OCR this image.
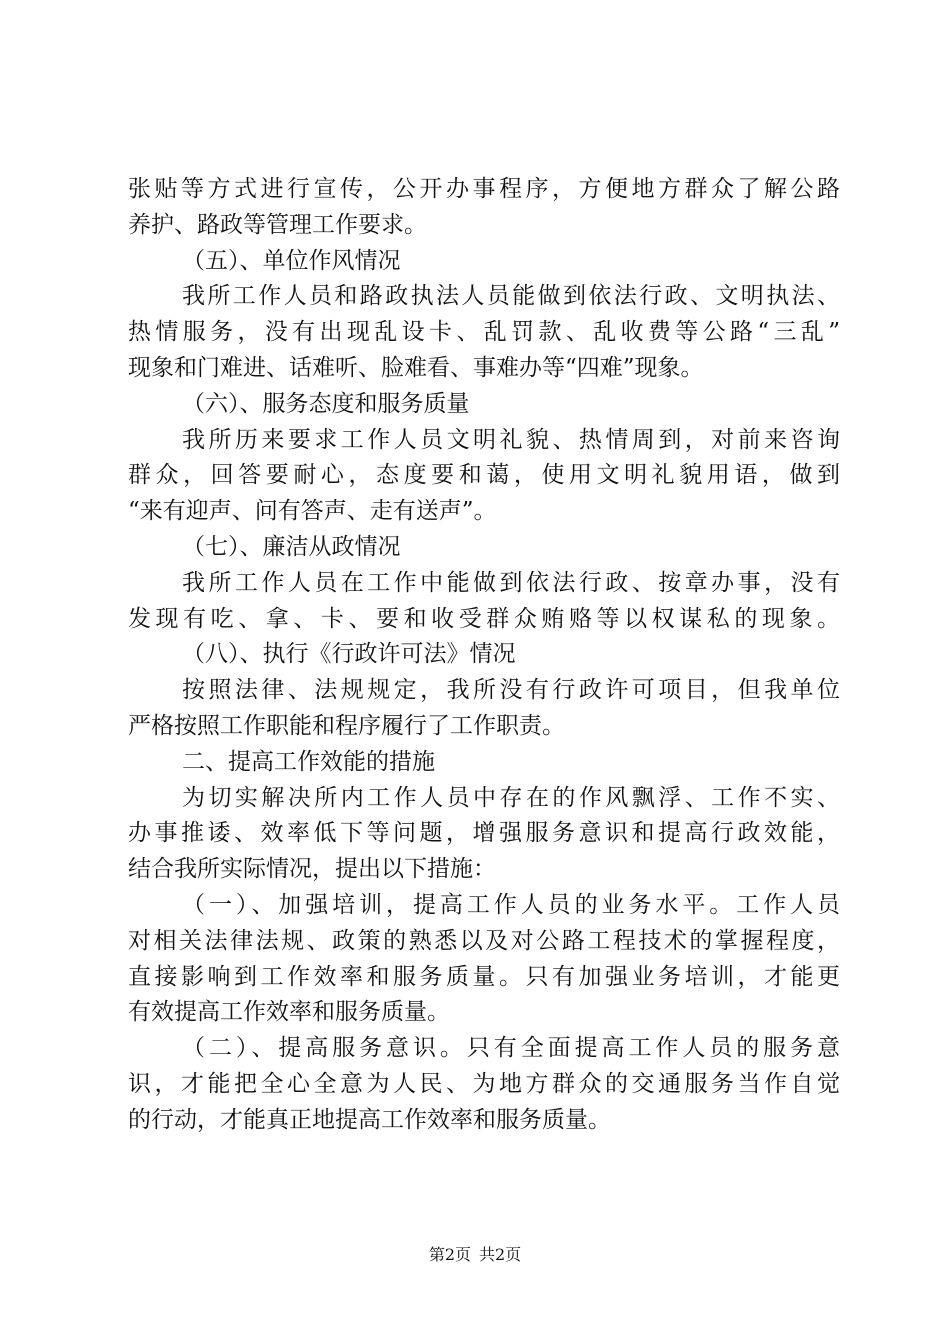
张贴等方式进行宣传，公开办事程序，方便地方群众了解公路
养护、路政等管理工作要求。
（五）、单位作风情况
我所工作人员和路政执法人员能做到依法行政、文明执法、
热情服务，没有出现乱设卡、乱罚款、乱收费等公路“三乱”
现象和门难进、话难听、脸难看、事难办等“四难”现象。
（六）、服务态度和服务质量
我所历来要求工作人员文明礼貌、热情周到，对前来咨询
群众，回答要耐心，态度要和蔼，使用文明礼貌用语，做到
“来有迎声、问有答声、走有送声”。
（七）、廉洁从政情况
我所工作人员在工作中能做到依法行政、按章办事，没有
发现有吃、拿、卡、要和收受群众贿赂等以权谋私的现象。
（八）、执行《行政许可法》情况
按照法律、法规规定，我所没有行政许可项目，但我单位
严格按照工作职能和程序履行了工作职责。
二、提高工作效能的措施
为切实解决所内工作人员中存在的作风飘浮、工作不实、
办事推诿、效率低下等问题，增强服务意识和提高行政效能，
结合我所实际情况，提出以下措施：
（一）、加强培训，提高工作人员的业务水平。工作人员
对相关法律法规、政策的熟悉以及对公路工程技术的掌握程度，
直接影响到工作效率和服务质量。只有加强业务培训，才能更
有效提高工作效率和服务质量。
（二）、提高服务意识。只有全面提高工作人员的服务意
识，才能把全心全意为人民、为地方群众的交通服务当作自觉
的行动，才能真正地提高工作效率和服务质量。
第2页 共2页
